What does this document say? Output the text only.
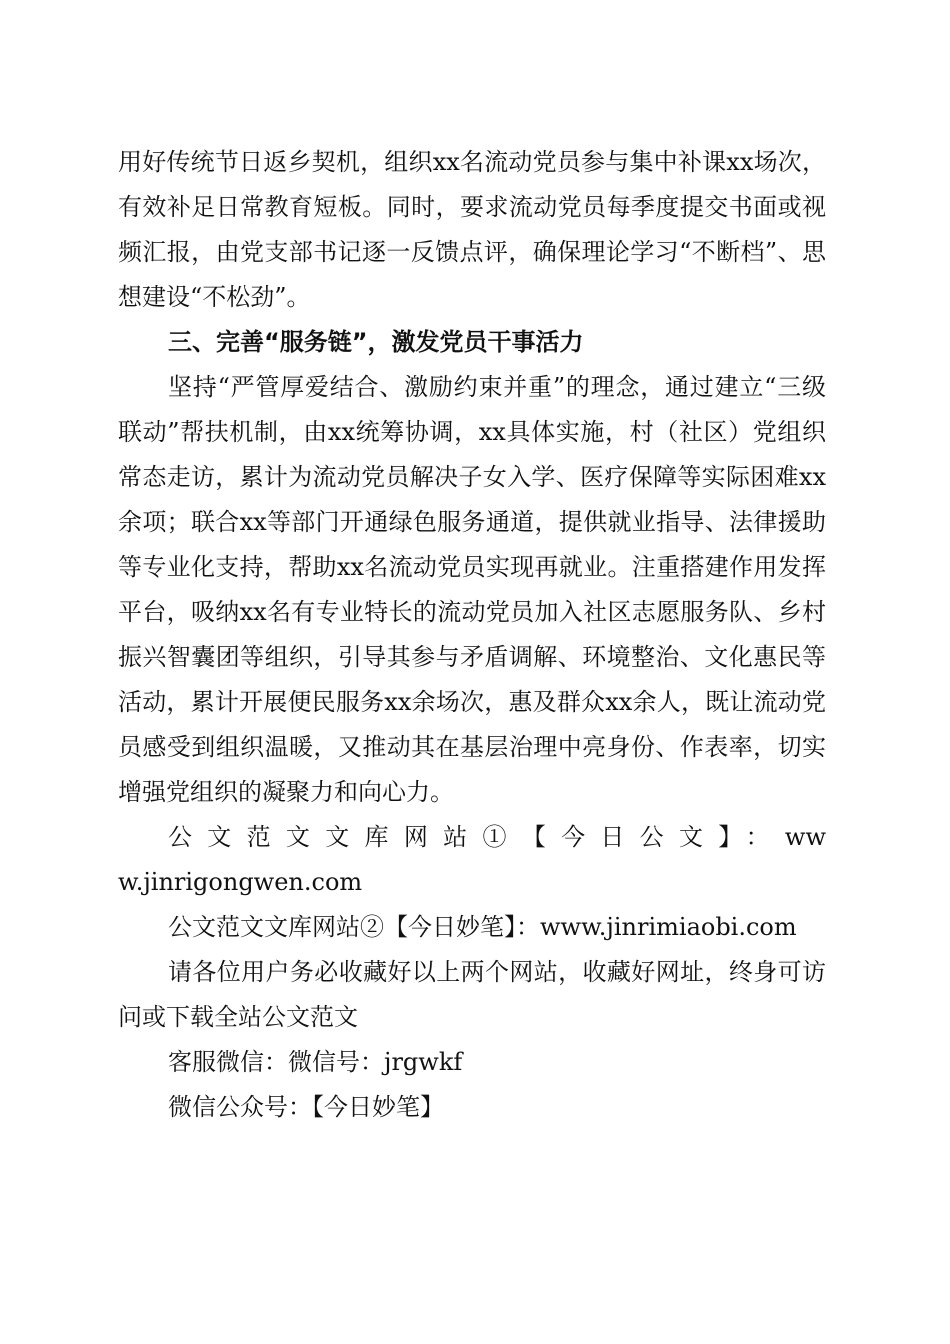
用好传统节日返乡契机，组织xx名流动党员参与集中补课xx场次，有效补足日常教育短板。同时，要求流动党员每季度提交书面或视频汇报，由党支部书记逐一反馈点评，确保理论学习“不断档”、思想建设“不松劲”。

三、完善“服务链”，激发党员干事活力

坚持“严管厚爱结合、激励约束并重”的理念，通过建立“三级联动”帮扶机制，由xx统筹协调，xx具体实施，村（社区）党组织常态走访，累计为流动党员解决子女入学、医疗保障等实际困难xx余项；联合xx等部门开通绿色服务通道，提供就业指导、法律援助等专业化支持，帮助xx名流动党员实现再就业。注重搭建作用发挥平台，吸纳xx名有专业特长的流动党员加入社区志愿服务队、乡村振兴智囊团等组织，引导其参与矛盾调解、环境整治、文化惠民等活动，累计开展便民服务xx余场次，惠及群众xx余人，既让流动党员感受到组织温暖，又推动其在基层治理中亮身份、作表率，切实增强党组织的凝聚力和向心力。

公文范文文库网站①【今日公文】：www.jinrigongwen.com

公文范文文库网站②【今日妙笔】：www.jinrimiaobi.com

请各位用户务必收藏好以上两个网站，收藏好网址，终身可访问或下载全站公文范文

客服微信：微信号：jrgwkf

微信公众号：【今日妙笔】
